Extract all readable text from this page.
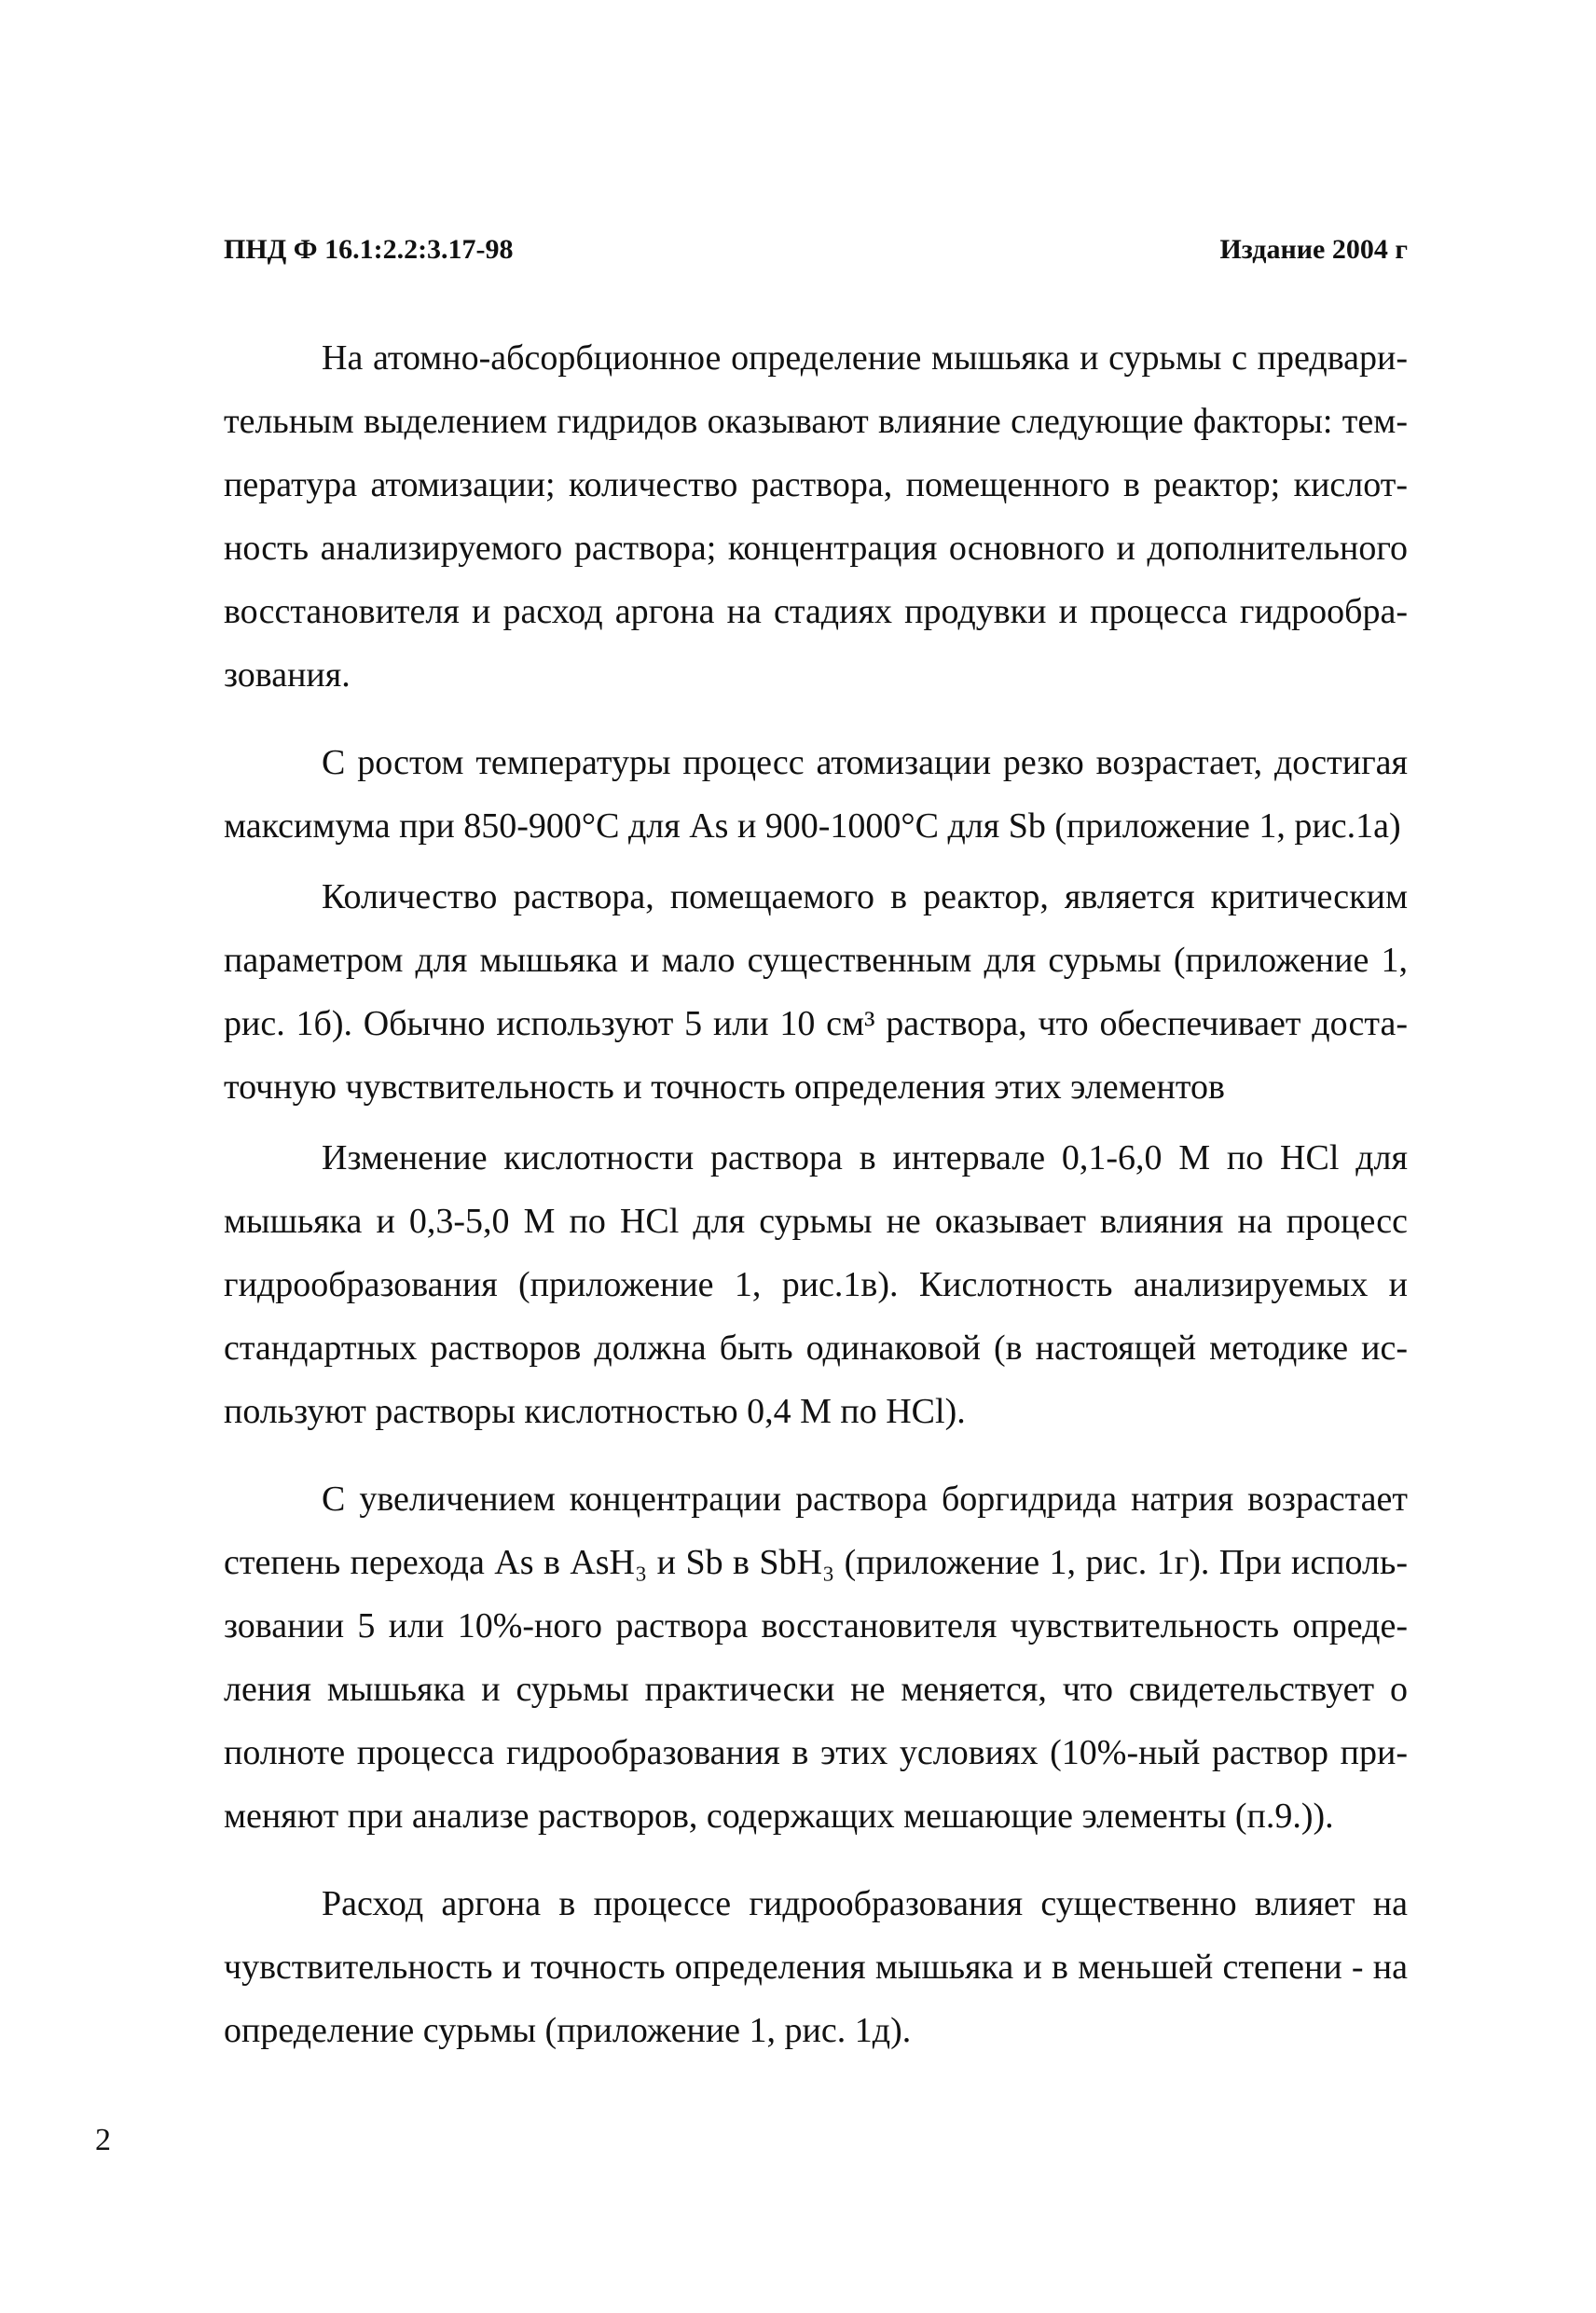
ПНД Ф 16.1:2.2:3.17-98	Издание 2004 г

На атомно-абсорбционное определение мышьяка и сурьмы с предварительным выделением гидридов оказывают влияние следующие факторы: температура атомизации; количество раствора, помещенного в реактор; кислотность анализируемого раствора; концентрация основного и дополнительного восстановителя и расход аргона на стадиях продувки и процесса гидрообразования.

С ростом температуры процесс атомизации резко возрастает, достигая максимума при 850-900°С для As и 900-1000°С для Sb (приложение 1, рис.1а)

Количество раствора, помещаемого в реактор, является критическим параметром для мышьяка и мало существенным для сурьмы (приложение 1, рис. 1б). Обычно используют 5 или 10 см³ раствора, что обеспечивает достаточную чувствительность и точность определения этих элементов

Изменение кислотности раствора в интервале 0,1-6,0 М по HCl для мышьяка и 0,3-5,0 М по HCl для сурьмы не оказывает влияния на процесс гидрообразования (приложение 1, рис.1в). Кислотность анализируемых и стандартных растворов должна быть одинаковой (в настоящей методике используют растворы кислотностью 0,4 М по HCl).

С увеличением концентрации раствора боргидрида натрия возрастает степень перехода As в AsH₃ и Sb в SbH₃ (приложение 1, рис. 1г). При использовании 5 или 10%-ного раствора восстановителя чувствительность определения мышьяка и сурьмы практически не меняется, что свидетельствует о полноте процесса гидрообразования в этих условиях (10%-ный раствор применяют при анализе растворов, содержащих мешающие элементы (п.9.)).

Расход аргона в процессе гидрообразования существенно влияет на чувствительность и точность определения мышьяка и в меньшей степени - на определение сурьмы (приложение 1, рис. 1д).

2
